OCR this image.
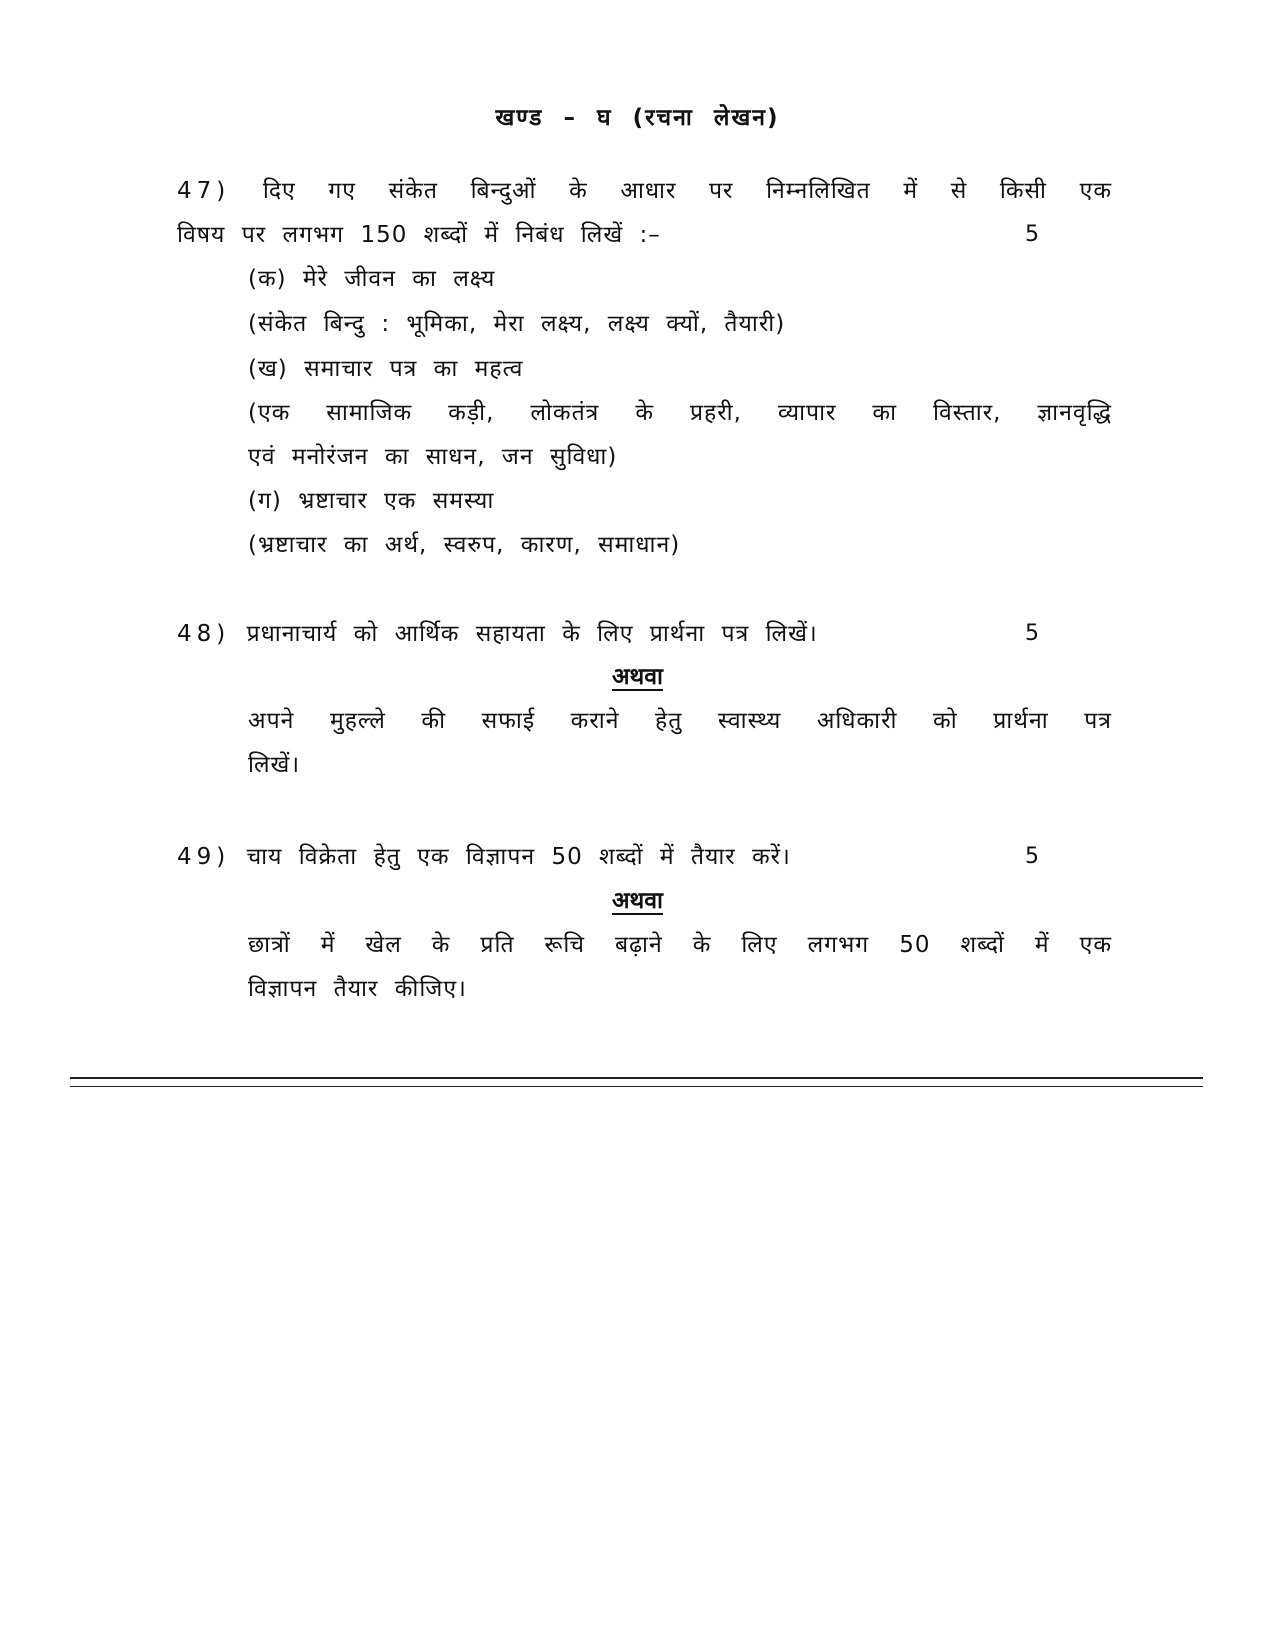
खण्ड – घ (रचना लेखन)
47) दिए गए संकेत बिन्दुओं के आधार पर निम्नलिखित में से किसी एक
विषय पर लगभग 150 शब्दों में निबंध लिखें :–	5
(क) मेरे जीवन का लक्ष्य
(संकेत बिन्दु : भूमिका, मेरा लक्ष्य, लक्ष्य क्यों, तैयारी)
(ख) समाचार पत्र का महत्व
(एक सामाजिक कड़ी, लोकतंत्र के प्रहरी, व्यापार का विस्तार, ज्ञानवृद्धि
एवं मनोरंजन का साधन, जन सुविधा)
(ग) भ्रष्टाचार एक समस्या
(भ्रष्टाचार का अर्थ, स्वरुप, कारण, समाधान)
48) प्रधानाचार्य को आर्थिक सहायता के लिए प्रार्थना पत्र लिखें।	5
अथवा
अपने मुहल्ले की सफाई कराने हेतु स्वास्थ्य अधिकारी को प्रार्थना पत्र
लिखें।
49) चाय विक्रेता हेतु एक विज्ञापन 50 शब्दों में तैयार करें।	5
अथवा
छात्रों में खेल के प्रति रूचि बढ़ाने के लिए लगभग 50 शब्दों में एक
विज्ञापन तैयार कीजिए।
